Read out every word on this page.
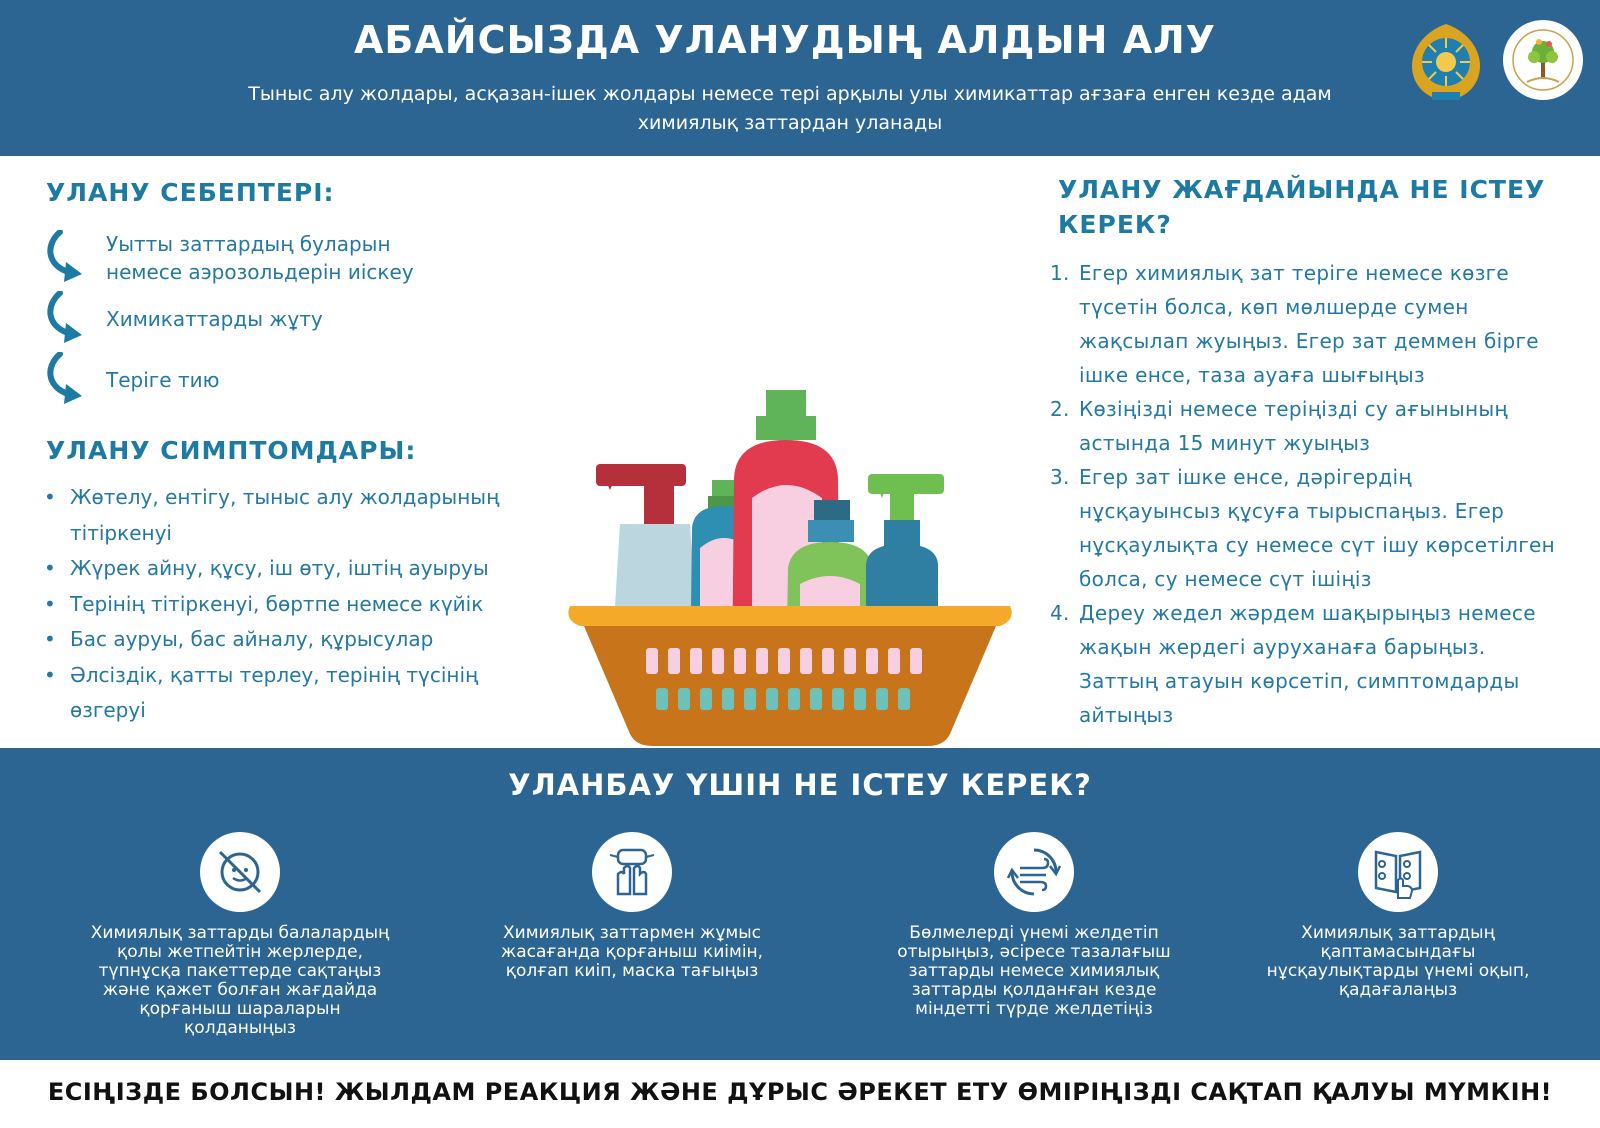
АБАЙСЫЗДА УЛАНУДЫҢ АЛДЫН АЛУ
Тыныс алу жолдары, асқазан-ішек жолдары немесе тері арқылы улы химикаттар ағзаға енген кезде адам
химиялық заттардан уланады
УЛАНУ СЕБЕПТЕРІ:
Уытты заттардың буларын
немесе аэрозольдерін иіскеу
Химикаттарды жұту
Теріге тию
УЛАНУ СИМПТОМДАРЫ:
• Жөтелу, ентігу, тыныс алу жолдарының тітіркенуі
• Жүрек айну, құсу, іш өту, іштің ауыруы
• Терінің тітіркенуі, бөртпе немесе күйік
• Бас ауруы, бас айналу, құрысулар
• Әлсіздік, қатты терлеу, терінің түсінің өзгеруі
УЛАНУ ЖАҒДАЙЫНДА НЕ ІСТЕУ
КЕРЕК?
1. Егер химиялық зат теріге немесе көзге түсетін болса, көп мөлшерде сумен жақсылап жуыңыз. Егер зат деммен бірге ішке енсе, таза ауаға шығыңыз
2. Көзіңізді немесе теріңізді су ағынының астында 15 минут жуыңыз
3. Егер зат ішке енсе, дәрігердің нұсқауынсыз құсуға тырыспаңыз. Егер нұсқаулықта су немесе сүт ішу көрсетілген болса, су немесе сүт ішіңіз
4. Дереу жедел жәрдем шақырыңыз немесе жақын жердегі ауруханаға барыңыз. Заттың атауын көрсетіп, симптомдарды айтыңыз
УЛАНБАУ ҮШІН НЕ ІСТЕУ КЕРЕК?
Химиялық заттарды балалардың қолы жетпейтін жерлерде, түпнұсқа пакеттерде сақтаңыз және қажет болған жағдайда қорғаныш шараларын қолданыңыз
Химиялық заттармен жұмыс жасағанда қорғаныш киімін, қолғап киіп, маска тағыңыз
Бөлмелерді үнемі желдетіп отырыңыз, әсіресе тазалағыш заттарды немесе химиялық заттарды қолданған кезде міндетті түрде желдетіңіз
Химиялық заттардың қаптамасындағы нұсқаулықтарды үнемі оқып, қадағалаңыз

ЕСІҢІЗДЕ БОЛСЫН! ЖЫЛДАМ РЕАКЦИЯ ЖӘНЕ ДҰРЫС ӘРЕКЕТ ЕТУ ӨМІРІҢІЗДІ САҚТАП ҚАЛУЫ МҮМКІН!
